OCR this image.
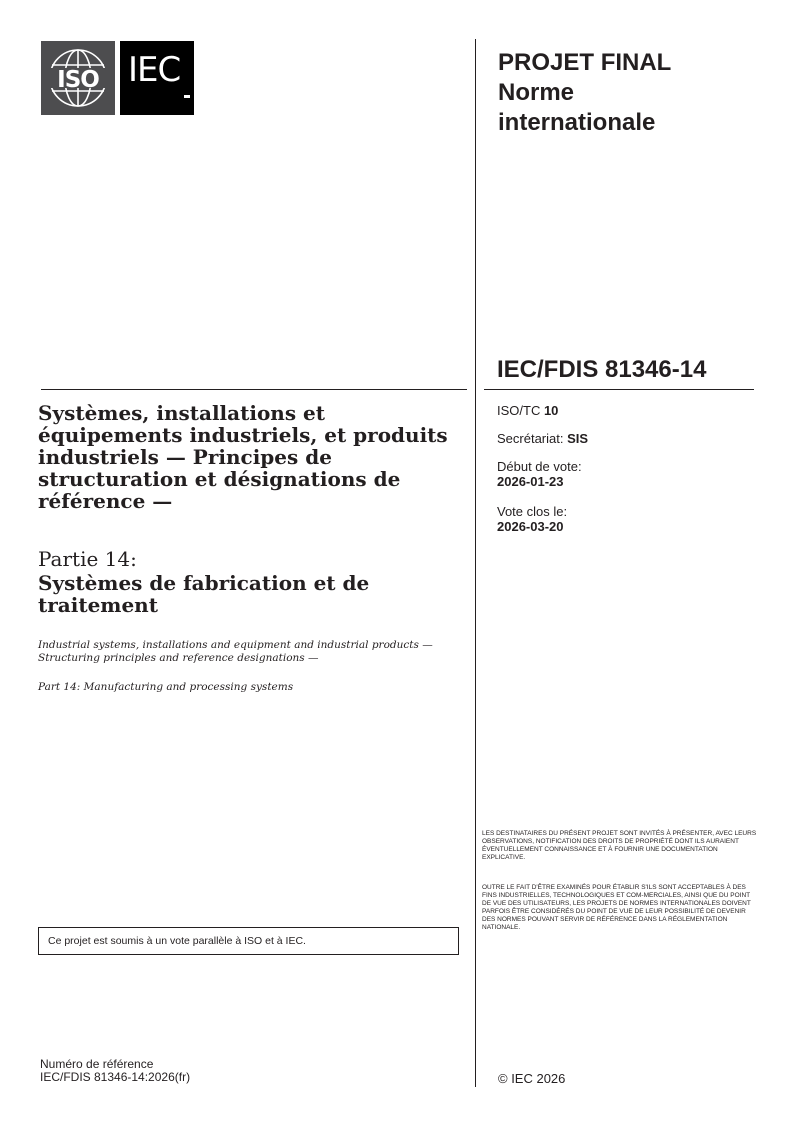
ISO IEC	PROJET FINAL
Norme
internationale
IEC/FDIS 81346-14
ISO/TC 10
Secrétariat: SIS
Début de vote:
2026-01-23
Vote clos le:
2026-03-20

LES DESTINATAIRES DU PRÉSENT PROJET SONT INVITÉS À PRÉSENTER, AVEC LEURS OBSERVATIONS, NOTIFICATION DES DROITS DE PROPRIÉTÉ DONT ILS AURAIENT ÉVENTUELLEMENT CONNAISSANCE ET À FOURNIR UNE DOCUMENTATION EXPLICATIVE.

OUTRE LE FAIT D'ÊTRE EXAMINÉS POUR ÉTABLIR S'ILS SONT ACCEPTABLES À DES FINS INDUSTRIELLES, TECHNOLOGIQUES ET COM-MERCIALES, AINSI QUE DU POINT DE VUE DES UTILISATEURS, LES PROJETS DE NORMES INTERNATIONALES DOIVENT PARFOIS ÊTRE CONSIDÉRÉS DU POINT DE VUE DE LEUR POSSIBILITÉ DE DEVENIR DES NORMES POUVANT SERVIR DE RÉFÉRENCE DANS LA RÉGLEMENTATION NATIONALE.

© IEC 2026
Systèmes, installations et équipements industriels, et produits industriels — Principes de structuration et désignations de référence —
Partie 14:
Systèmes de fabrication et de traitement
Industrial systems, installations and equipment and industrial products — Structuring principles and reference designations —
Part 14: Manufacturing and processing systems
Ce projet est soumis à un vote parallèle à ISO et à IEC.
Numéro de référence
IEC/FDIS 81346-14:2026(fr)
